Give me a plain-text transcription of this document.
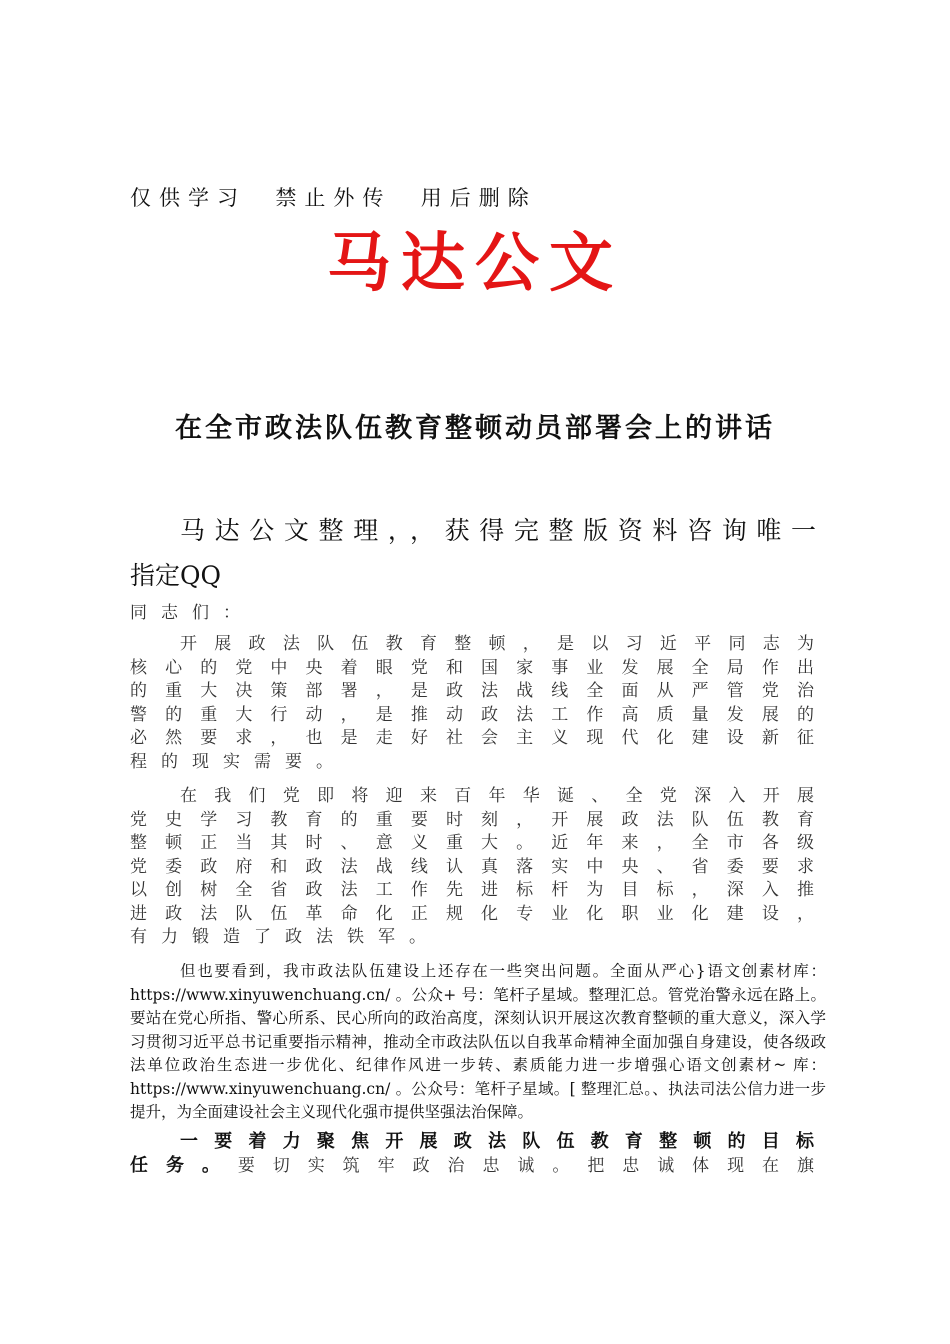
仅供学习  禁止外传  用后删除
马达公文
在全市政法队伍教育整顿动员部署会上的讲话
马达公文整理，，获得完整版资料咨询唯一
指定QQ
同志们：
开展政法队伍教育整顿，是以习近平同志为
核心的党中央着眼党和国家事业发展全局作出
的重大决策部署，是政法战线全面从严管党治
警的重大行动，是推动政法工作高质量发展的
必然要求，也是走好社会主义现代化建设新征
程的现实需要。
在我们党即将迎来百年华诞、全党深入开展
党史学习教育的重要时刻，开展政法队伍教育
整顿正当其时、意义重大。近年来，全市各级
党委政府和政法战线认真落实中央、省委要求
以创树全省政法工作先进标杆为目标，深入推
进政法队伍革命化正规化专业化职业化建设，
有力锻造了政法铁军。
但也要看到，我市政法队伍建设上还存在一些突出问题。全面从严心}语文创素材库：https://www.xinyuwenchuang.cn/ 。公众+ 号：笔杆子星域。整理汇总。管党治警永远在路上。要站在党心所指、警心所系、民心所向的政治高度，深刻认识开展这次教育整顿的重大意义，深入学习贯彻习近平总书记重要指示精神，推动全市政法队伍以自我革命精神全面加强自身建设，使各级政法单位政治生态进一步优化、纪律作风进一步转、素质能力进一步增强心语文创素材~ 库：https://www.xinyuwenchuang.cn/ 。公众号：笔杆子星域。[ 整理汇总。、执法司法公信力进一步提升，为全面建设社会主义现代化强市提供坚强法治保障。
一要着力聚焦开展政法队伍教育整顿的目标
任务。要切实筑牢政治忠诚。把忠诚体现在旗
